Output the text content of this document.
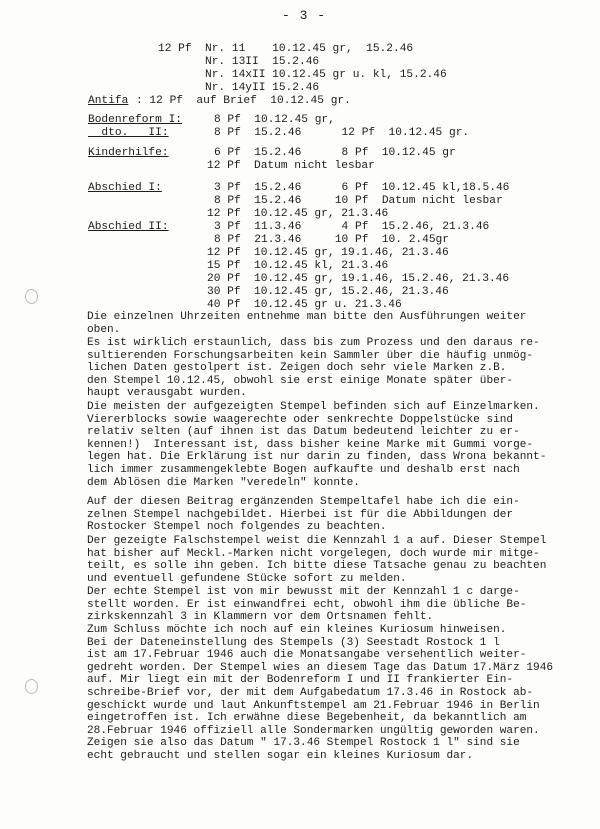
- 3 -
12 Pf  Nr. 11    10.12.45 gr,  15.2.46
Nr. 13II  15.2.46
Nr. 14xII 10.12.45 gr u. kl, 15.2.46
Nr. 14yII 15.2.46
Antifa : 12 Pf  auf Brief  10.12.45 gr.
Bodenreform I:	8 Pf  10.12.45 gr,
dto.   II:	8 Pf  15.2.46      12 Pf  10.12.45 gr.
Kinderhilfe:	6 Pf  15.2.46      8 Pf  10.12.45 gr
12 Pf  Datum nicht lesbar
Abschied I:	3 Pf  15.2.46      6 Pf  10.12.45 kl,18.5.46
8 Pf  15.2.46     10 Pf  Datum nicht lesbar
12 Pf  10.12.45 gr, 21.3.46
Abschied II:	3 Pf  11.3.46      4 Pf  15.2.46, 21.3.46
8 Pf  21.3.46     10 Pf  10. 2.45gr
12 Pf  10.12.45 gr, 19.1.46, 21.3.46
15 Pf  10.12.45 kl, 21.3.46
20 Pf  10.12.45 gr, 19.1.46, 15.2.46, 21.3.46
30 Pf  10.12.45 gr, 15.2.46, 21.3.46
40 Pf  10.12.45 gr u. 21.3.46
Die einzelnen Uhrzeiten entnehme man bitte den Ausführungen weiter
oben.
Es ist wirklich erstaunlich, dass bis zum Prozess und den daraus re-
sultierenden Forschungsarbeiten kein Sammler über die häufig unmög-
lichen Daten gestolpert ist. Zeigen doch sehr viele Marken z.B.
den Stempel 10.12.45, obwohl sie erst einige Monate später über-
haupt verausgabt wurden.
Die meisten der aufgezeigten Stempel befinden sich auf Einzelmarken.
Viererblocks sowie waagerechte oder senkrechte Doppelstücke sind
relativ selten (auf ihnen ist das Datum bedeutend leichter zu er-
kennen!)  Interessant ist, dass bisher keine Marke mit Gummi vorge-
legen hat. Die Erklärung ist nur darin zu finden, dass Wrona bekannt-
lich immer zusammengeklebte Bogen aufkaufte und deshalb erst nach
dem Ablösen die Marken "veredeln" konnte.
Auf der diesen Beitrag ergänzenden Stempeltafel habe ich die ein-
zelnen Stempel nachgebildet. Hierbei ist für die Abbildungen der
Rostocker Stempel noch folgendes zu beachten.
Der gezeigte Falschstempel weist die Kennzahl 1 a auf. Dieser Stempel
hat bisher auf Meckl.-Marken nicht vorgelegen, doch wurde mir mitge-
teilt, es solle ihn geben. Ich bitte diese Tatsache genau zu beachten
und eventuell gefundene Stücke sofort zu melden.
Der echte Stempel ist von mir bewusst mit der Kennzahl 1 c darge-
stellt worden. Er ist einwandfrei echt, obwohl ihm die übliche Be-
zirkskennzahl 3 in Klammern vor dem Ortsnamen fehlt.
Zum Schluss möchte ich noch auf ein kleines Kuriosum hinweisen.
Bei der Dateneinstellung des Stempels (3) Seestadt Rostock 1 l
ist am 17.Februar 1946 auch die Monatsangabe versehentlich weiter-
gedreht worden. Der Stempel wies an diesem Tage das Datum 17.März 1946
auf. Mir liegt ein mit der Bodenreform I und II frankierter Ein-
schreibe-Brief vor, der mit dem Aufgabedatum 17.3.46 in Rostock ab-
geschickt wurde und laut Ankunftstempel am 21.Februar 1946 in Berlin
eingetroffen ist. Ich erwähne diese Begebenheit, da bekanntlich am
28.Februar 1946 offiziell alle Sondermarken ungültig geworden waren.
Zeigen sie also das Datum " 17.3.46 Stempel Rostock 1 l" sind sie
echt gebraucht und stellen sogar ein kleines Kuriosum dar.
